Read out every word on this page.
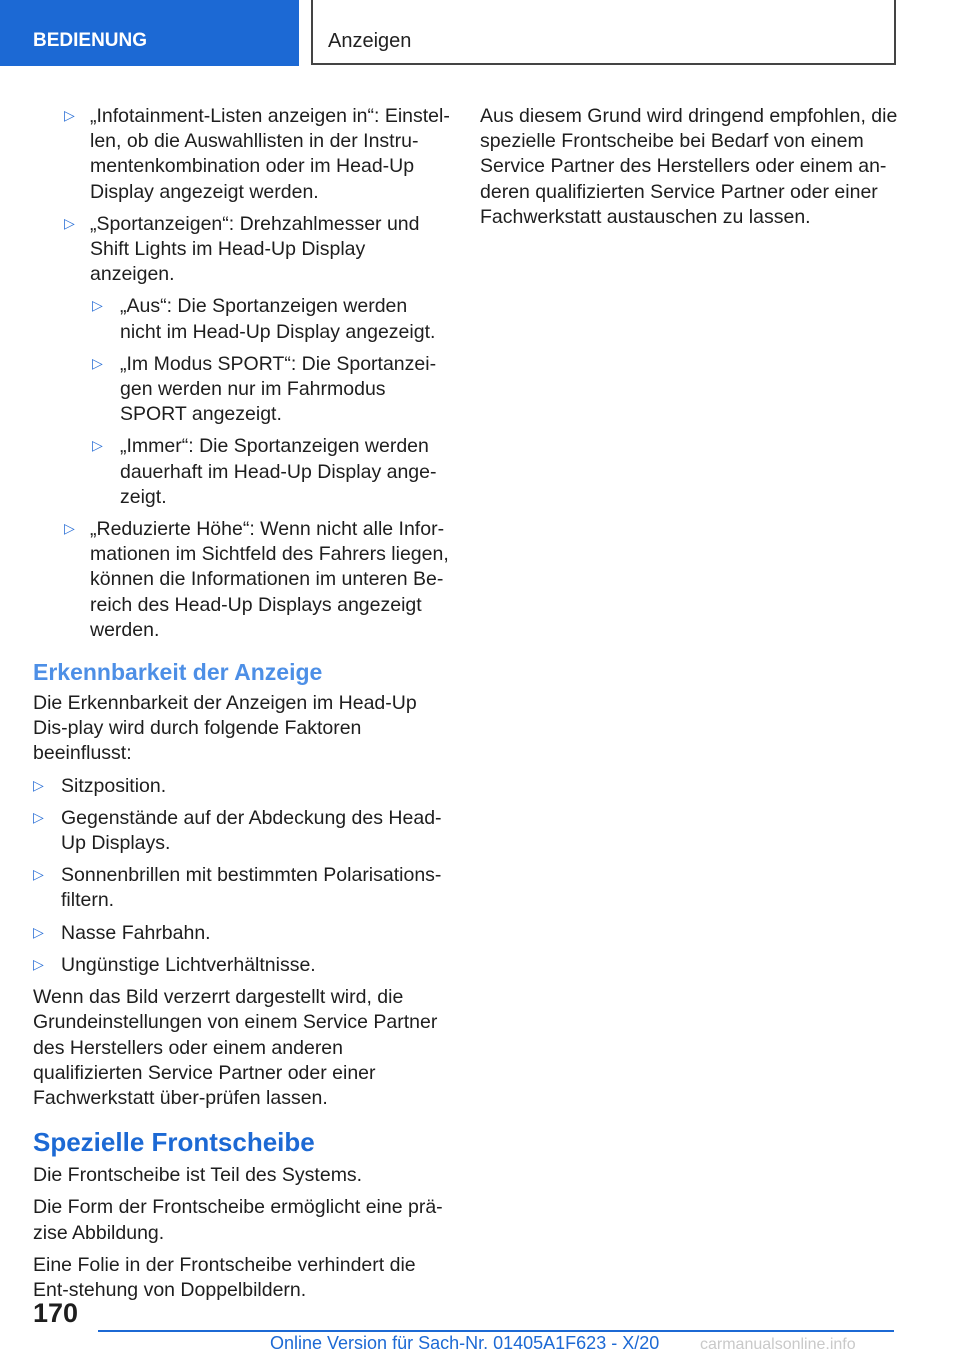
BEDIENUNG	Anzeigen
▷ „Infotainment-Listen anzeigen in“: Einstel-len, ob die Auswahllisten in der Instru-mentenkombination oder im Head-Up Display angezeigt werden.
▷ „Sportanzeigen“: Drehzahlmesser und Shift Lights im Head-Up Display anzeigen.
▷ „Aus“: Die Sportanzeigen werden nicht im Head-Up Display angezeigt.
▷ „Im Modus SPORT“: Die Sportanzei-gen werden nur im Fahrmodus SPORT angezeigt.
▷ „Immer“: Die Sportanzeigen werden dauerhaft im Head-Up Display ange-zeigt.
▷ „Reduzierte Höhe“: Wenn nicht alle Infor-mationen im Sichtfeld des Fahrers liegen, können die Informationen im unteren Be-reich des Head-Up Displays angezeigt werden.
Erkennbarkeit der Anzeige

Die Erkennbarkeit der Anzeigen im Head-Up Dis-play wird durch folgende Faktoren beeinflusst:

▷ Sitzposition.
▷ Gegenstände auf der Abdeckung des Head-Up Displays.
▷ Sonnenbrillen mit bestimmten Polarisations-filtern.
▷ Nasse Fahrbahn.
▷ Ungünstige Lichtverhältnisse.

Wenn das Bild verzerrt dargestellt wird, die Grundeinstellungen von einem Service Partner des Herstellers oder einem anderen qualifizierten Service Partner oder einer Fachwerkstatt über-prüfen lassen.

Spezielle Frontscheibe

Die Frontscheibe ist Teil des Systems.

Die Form der Frontscheibe ermöglicht eine prä-zise Abbildung.

Eine Folie in der Frontscheibe verhindert die Ent-stehung von Doppelbildern.

Aus diesem Grund wird dringend empfohlen, die spezielle Frontscheibe bei Bedarf von einem Service Partner des Herstellers oder einem an-deren qualifizierten Service Partner oder einer Fachwerkstatt austauschen zu lassen.

170
Online Version für Sach-Nr. 01405A1F623 - X/20	carmanualsonline.info
